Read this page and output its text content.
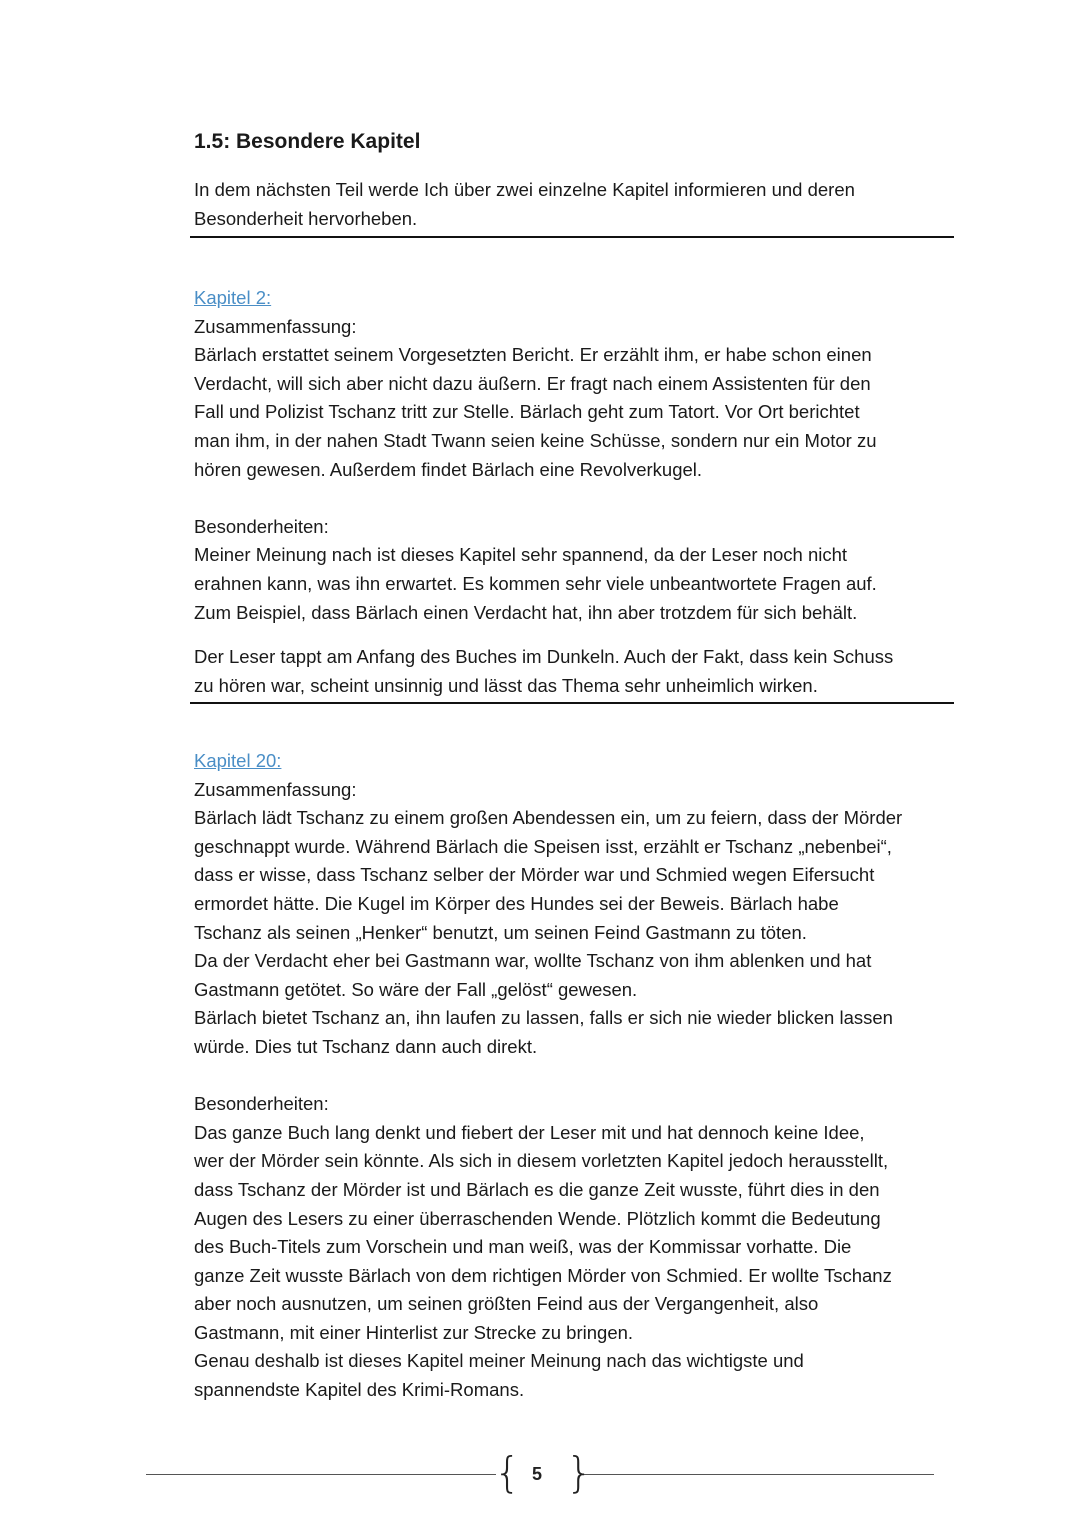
1.5: Besondere Kapitel
In dem nächsten Teil werde Ich über zwei einzelne Kapitel informieren und deren
Besonderheit hervorheben.
Kapitel 2:
Zusammenfassung:
Bärlach erstattet seinem Vorgesetzten Bericht. Er erzählt ihm, er habe schon einen
Verdacht, will sich aber nicht dazu äußern. Er fragt nach einem Assistenten für den
Fall und Polizist Tschanz tritt zur Stelle. Bärlach geht zum Tatort. Vor Ort berichtet
man ihm, in der nahen Stadt Twann seien keine Schüsse, sondern nur ein Motor zu
hören gewesen. Außerdem findet Bärlach eine Revolverkugel.

Besonderheiten:
Meiner Meinung nach ist dieses Kapitel sehr spannend, da der Leser noch nicht
erahnen kann, was ihn erwartet. Es kommen sehr viele unbeantwortete Fragen auf.
Zum Beispiel, dass Bärlach einen Verdacht hat, ihn aber trotzdem für sich behält.
Der Leser tappt am Anfang des Buches im Dunkeln. Auch der Fakt, dass kein Schuss
zu hören war, scheint unsinnig und lässt das Thema sehr unheimlich wirken.
Kapitel 20:
Zusammenfassung:
Bärlach lädt Tschanz zu einem großen Abendessen ein, um zu feiern, dass der Mörder
geschnappt wurde. Während Bärlach die Speisen isst, erzählt er Tschanz „nebenbei“,
dass er wisse, dass Tschanz selber der Mörder war und Schmied wegen Eifersucht
ermordet hätte. Die Kugel im Körper des Hundes sei der Beweis. Bärlach habe
Tschanz als seinen „Henker“ benutzt, um seinen Feind Gastmann zu töten.
Da der Verdacht eher bei Gastmann war, wollte Tschanz von ihm ablenken und hat
Gastmann getötet. So wäre der Fall „gelöst“ gewesen.
Bärlach bietet Tschanz an, ihn laufen zu lassen, falls er sich nie wieder blicken lassen
würde. Dies tut Tschanz dann auch direkt.

Besonderheiten:
Das ganze Buch lang denkt und fiebert der Leser mit und hat dennoch keine Idee,
wer der Mörder sein könnte. Als sich in diesem vorletzten Kapitel jedoch herausstellt,
dass Tschanz der Mörder ist und Bärlach es die ganze Zeit wusste, führt dies in den
Augen des Lesers zu einer überraschenden Wende. Plötzlich kommt die Bedeutung
des Buch-Titels zum Vorschein und man weiß, was der Kommissar vorhatte. Die
ganze Zeit wusste Bärlach von dem richtigen Mörder von Schmied. Er wollte Tschanz
aber noch ausnutzen, um seinen größten Feind aus der Vergangenheit, also
Gastmann, mit einer Hinterlist zur Strecke zu bringen.
Genau deshalb ist dieses Kapitel meiner Meinung nach das wichtigste und
spannendste Kapitel des Krimi-Romans.
{ 5 }
